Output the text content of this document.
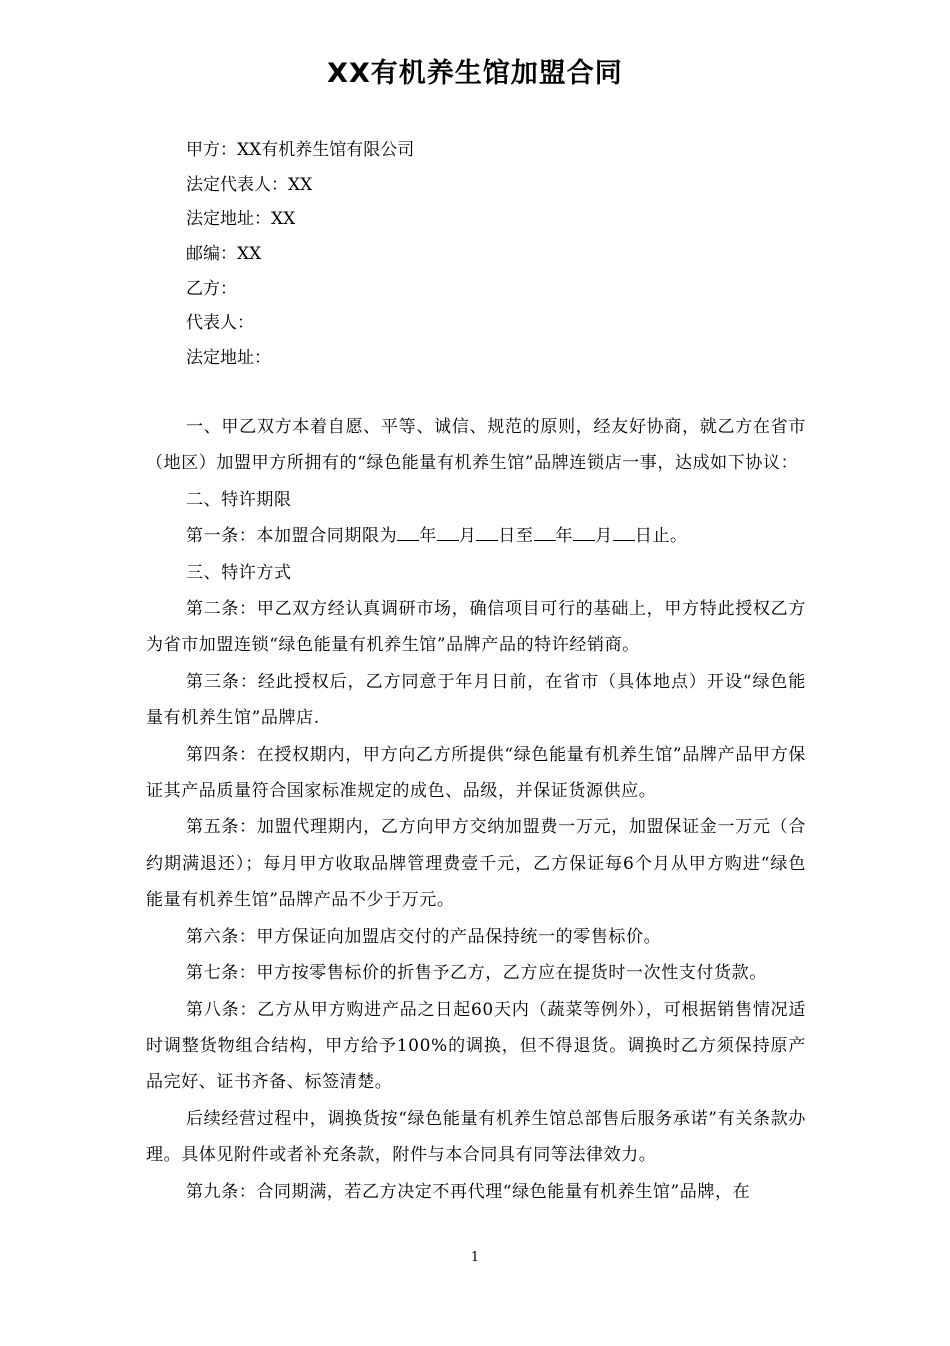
XX有机养生馆加盟合同
甲方：XX有机养生馆有限公司
法定代表人：XX
法定地址：XX
邮编：XX
乙方：
代表人：
法定地址：

一、甲乙双方本着自愿、平等、诚信、规范的原则，经友好协商，就乙方在省市（地区）加盟甲方所拥有的“绿色能量有机养生馆”品牌连锁店一事，达成如下协议：

二、特许期限

第一条：本加盟合同期限为 年 月 日至 年 月 日止。

三、特许方式

第二条：甲乙双方经认真调研市场，确信项目可行的基础上，甲方特此授权乙方为省市加盟连锁“绿色能量有机养生馆”品牌产品的特许经销商。

第三条：经此授权后，乙方同意于年月日前，在省市（具体地点）开设“绿色能量有机养生馆”品牌店.

第四条：在授权期内，甲方向乙方所提供“绿色能量有机养生馆”品牌产品甲方保证其产品质量符合国家标准规定的成色、品级，并保证货源供应。

第五条：加盟代理期内，乙方向甲方交纳加盟费一万元，加盟保证金一万元（合约期满退还）；每月甲方收取品牌管理费壹千元，乙方保证每6个月从甲方购进“绿色能量有机养生馆”品牌产品不少于万元。

第六条：甲方保证向加盟店交付的产品保持统一的零售标价。

第七条：甲方按零售标价的折售予乙方，乙方应在提货时一次性支付货款。

第八条：乙方从甲方购进产品之日起60天内（蔬菜等例外），可根据销售情况适时调整货物组合结构，甲方给予100%的调换，但不得退货。调换时乙方须保持原产品完好、证书齐备、标签清楚。

后续经营过程中，调换货按“绿色能量有机养生馆总部售后服务承诺”有关条款办理。具体见附件或者补充条款，附件与本合同具有同等法律效力。

第九条：合同期满，若乙方决定不再代理“绿色能量有机养生馆”品牌，在

1
